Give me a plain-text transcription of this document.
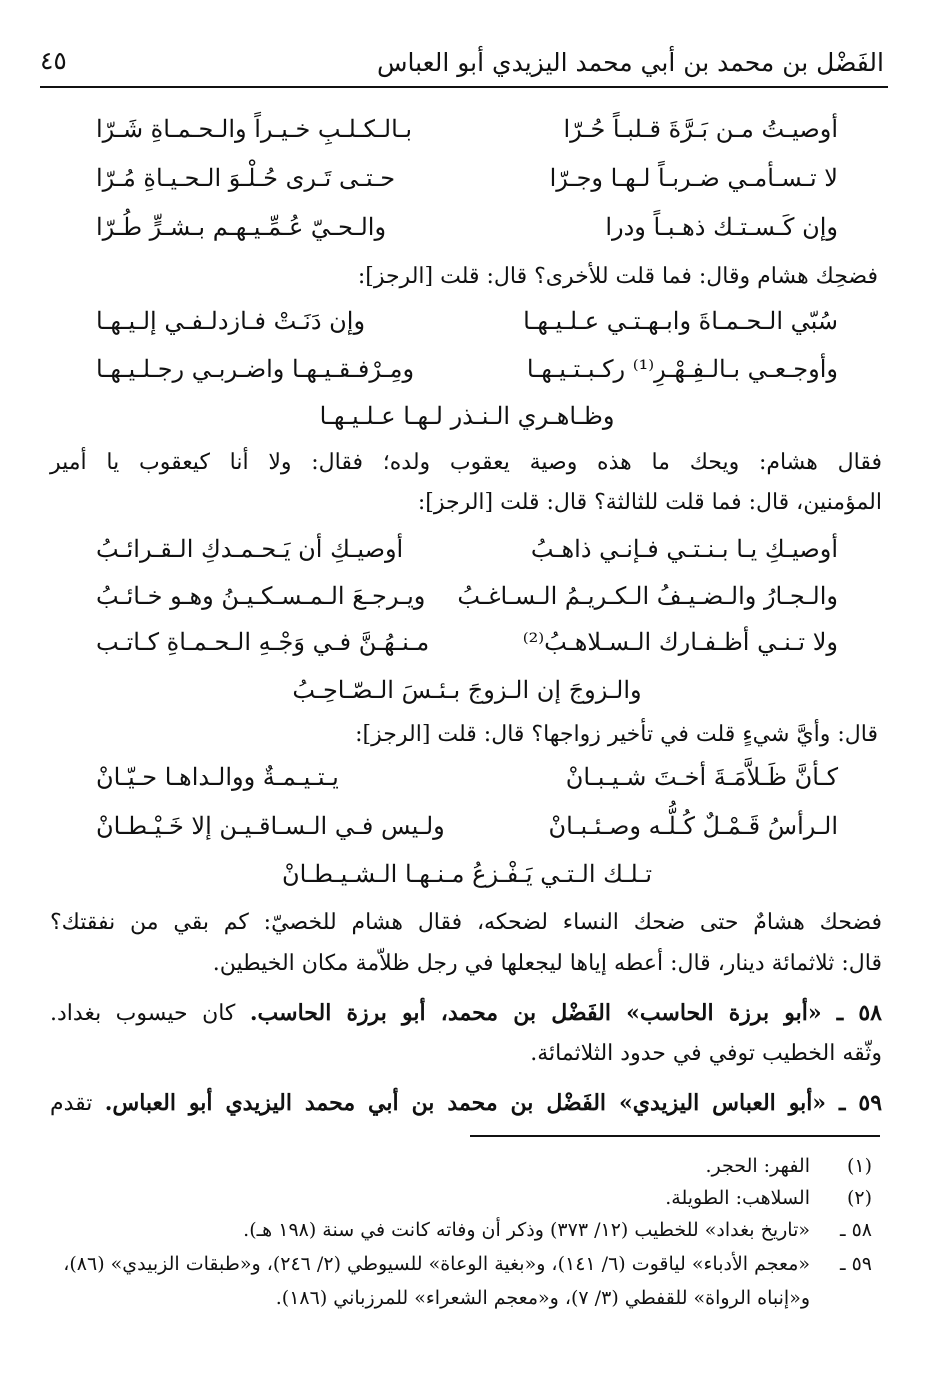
الفَضْل بن محمد بن أبي محمد اليزيدي أبو العباس
٤٥
أوصيـتُ مـن بَـرَّةَ قـلبـاً حُـرّا
بـالـكـلـبِ خـيـراً والـحـمـاةِ شَـرّا
لا تـسـأمـي ضـربـاً لـهـا وجـرّا
حـتـى تَـرى حُـلْـوَ الـحـيـاةِ مُـرّا
وإن كَـسـتـك ذهـبـاً ودرا
والـحـيّ عُـمِّـيـهـم بـشـرٍّ طُـرّا
فضحِك هشام وقال: فما قلت للأخرى؟ قال: قلت [الرجز]:
سُبّي الـحـمـاةَ وابـهـتـي عـلـيـهـا
وإن دَنَـتْ فـازدلـفـي إلـيـهـا
وأوجـعـي بـالـفِـهْـرِ⁽¹⁾ ركـبـتـيـهـا
ومِـرْفـقـيـهـا واضـربـي رجـلـيـهـا
وظـاهـري الـنـذر لـهـا عـلـيـهـا
فقال هشام: ويحك ما هذه وصية يعقوب ولده؛ فقال: ولا أنا كيعقوب يا أمير
المؤمنين، قال: فما قلت للثالثة؟ قال: قلت [الرجز]:
أوصيـكِ يـا بـنـتـي فـإنـي ذاهـبُ
أوصيـكِ أن يَـحـمـدكِ الـقـرائـبُ
والـجـارُ والـضـيـفُ الـكـريـمُ الـسـاغـبُ
ويـرجـعَ الـمـسـكـيـنُ وهـو خـائـبُ
ولا تـنـي أظـفـارك الـسـلاهـبُ⁽²⁾
مـنـهُـنَّ فـي وَجْـهِ الـحـمـاةِ كـاتـب
والـزوجَ إن الـزوجَ بـئـسَ الـصّـاحِـبُ
قال: وأيَّ شيءٍ قلت في تأخير زواجها؟ قال: قلت [الرجز]:
كـأنَّ ظَـلاَّمَـةَ أخـتَ شـيـبـانْ
يـتـيـمـةٌ ووالـداهـا حـيّـانْ
الـرأسُ قَـمْـلٌ كُـلُّـه وصـئـبـانْ
ولـيس فـي الـسـاقـيـن إلا خَـيْـطـانْ
تـلـك الـتـي يَـفْـزعُ مـنـهـا الـشـيـطـانْ
فضحك هشامٌ حتى ضحك النساء لضحكه، فقال هشام للخصيّ: كم بقي من نفقتك؟
قال: ثلاثمائة دينار، قال: أعطه إياها ليجعلها في رجل ظلاّمة مكان الخيطين.
٥٨ ـ «أبو برزة الحاسب» الفَضْل بن محمد، أبو برزة الحاسب. كان حيسوب بغداد.
وثّقه الخطيب توفي في حدود الثلاثمائة.
٥٩ ـ «أبو العباس اليزيدي» الفَضْل بن محمد بن أبي محمد اليزيدي أبو العباس. تقدم
(١)الفهر: الحجر.
(٢)السلاهب: الطويلة.
٥٨ ـ«تاريخ بغداد» للخطيب (١٢/ ٣٧٣) وذكر أن وفاته كانت في سنة (١٩٨ هـ).
٥٩ ـ«معجم الأدباء» لياقوت (٦/ ١٤١)، و«بغية الوعاة» للسيوطي (٢/ ٢٤٦)، و«طبقات الزبيدي» (٨٦)،
و«إنباه الرواة» للقفطي (٣/ ٧)، و«معجم الشعراء» للمرزباني (١٨٦).
